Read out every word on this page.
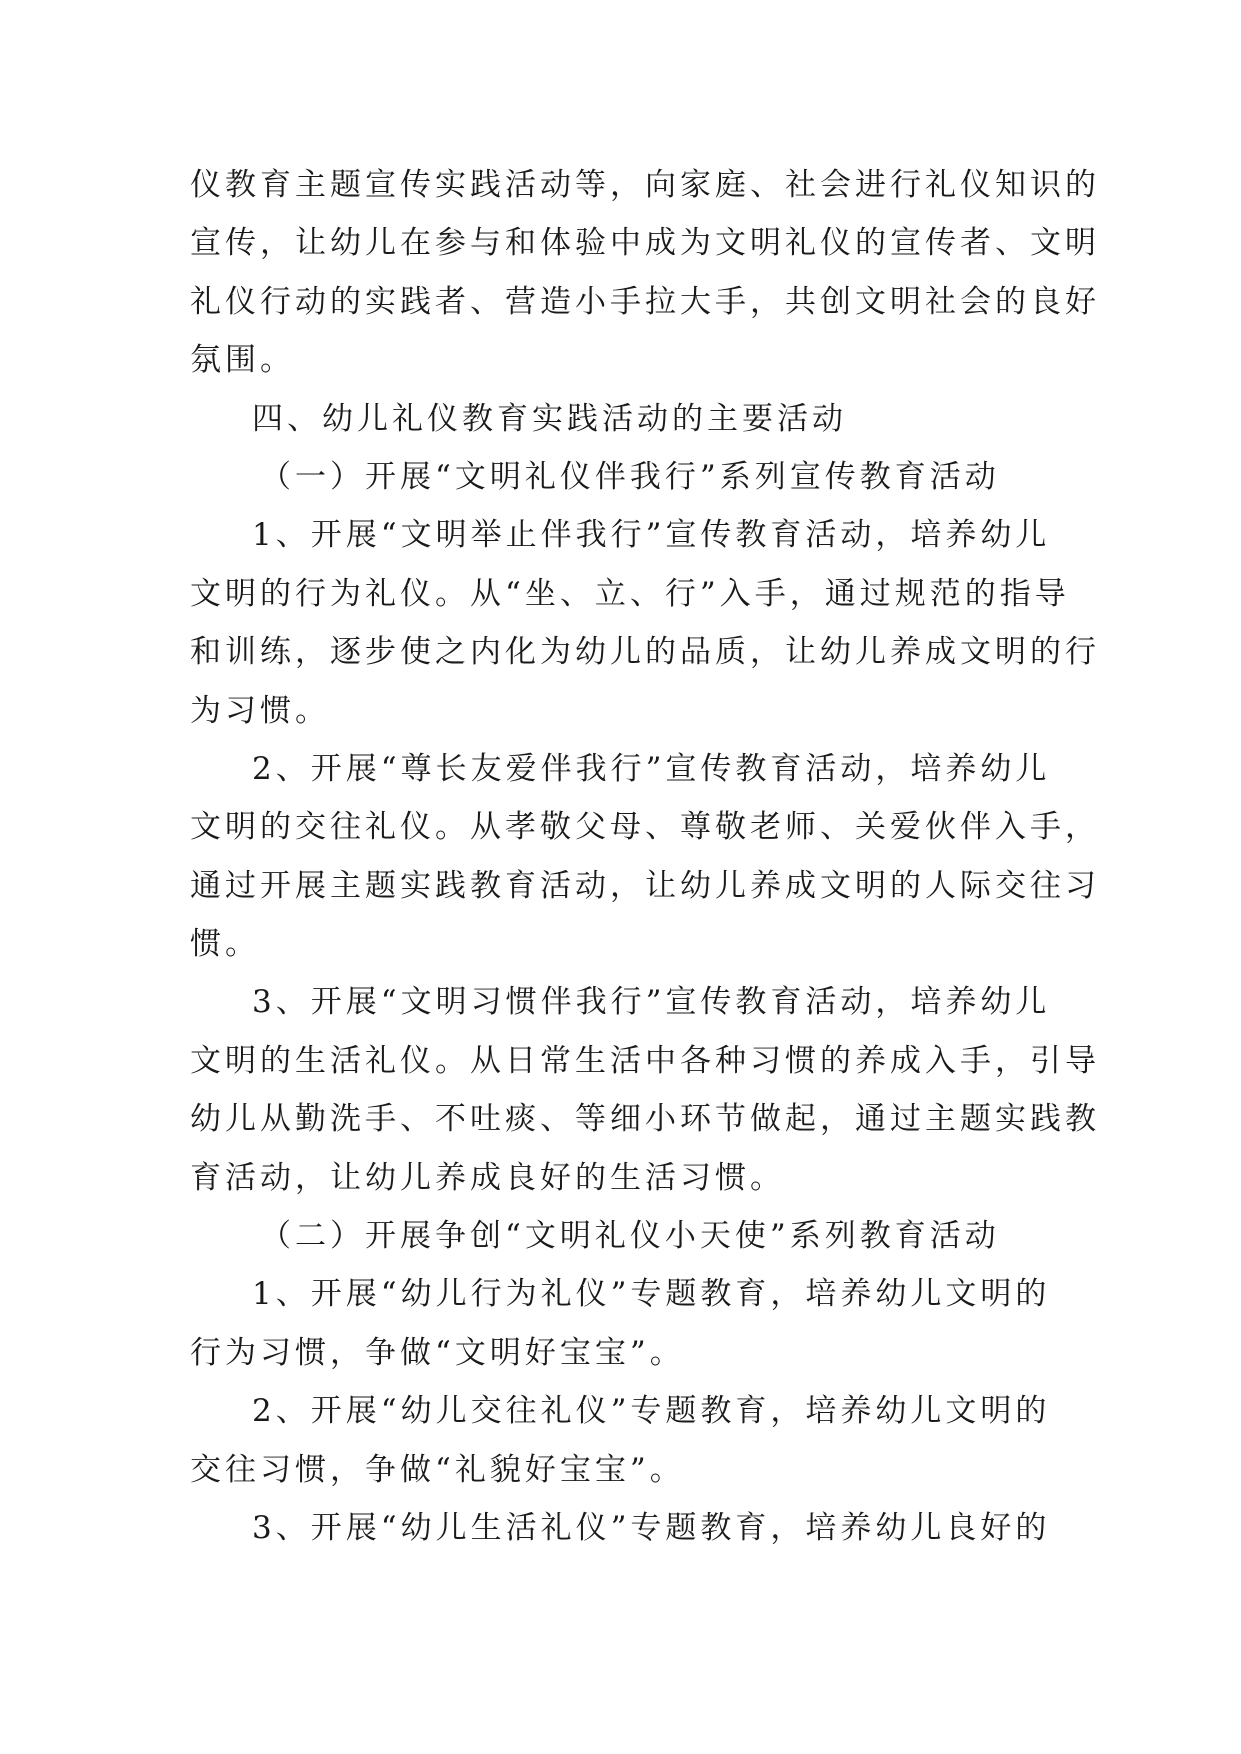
仪教育主题宣传实践活动等，向家庭、社会进行礼仪知识的
宣传，让幼儿在参与和体验中成为文明礼仪的宣传者、文明
礼仪行动的实践者、营造小手拉大手，共创文明社会的良好
氛围。
四、幼儿礼仪教育实践活动的主要活动
（一）开展“文明礼仪伴我行”系列宣传教育活动
1、开展“文明举止伴我行”宣传教育活动，培养幼儿
文明的行为礼仪。从“坐、立、行”入手，通过规范的指导
和训练，逐步使之内化为幼儿的品质，让幼儿养成文明的行
为习惯。
2、开展“尊长友爱伴我行”宣传教育活动，培养幼儿
文明的交往礼仪。从孝敬父母、尊敬老师、关爱伙伴入手，
通过开展主题实践教育活动，让幼儿养成文明的人际交往习
惯。
3、开展“文明习惯伴我行”宣传教育活动，培养幼儿
文明的生活礼仪。从日常生活中各种习惯的养成入手，引导
幼儿从勤洗手、不吐痰、等细小环节做起，通过主题实践教
育活动，让幼儿养成良好的生活习惯。
（二）开展争创“文明礼仪小天使”系列教育活动
1、开展“幼儿行为礼仪”专题教育，培养幼儿文明的
行为习惯，争做“文明好宝宝”。
2、开展“幼儿交往礼仪”专题教育，培养幼儿文明的
交往习惯，争做“礼貌好宝宝”。
3、开展“幼儿生活礼仪”专题教育，培养幼儿良好的
